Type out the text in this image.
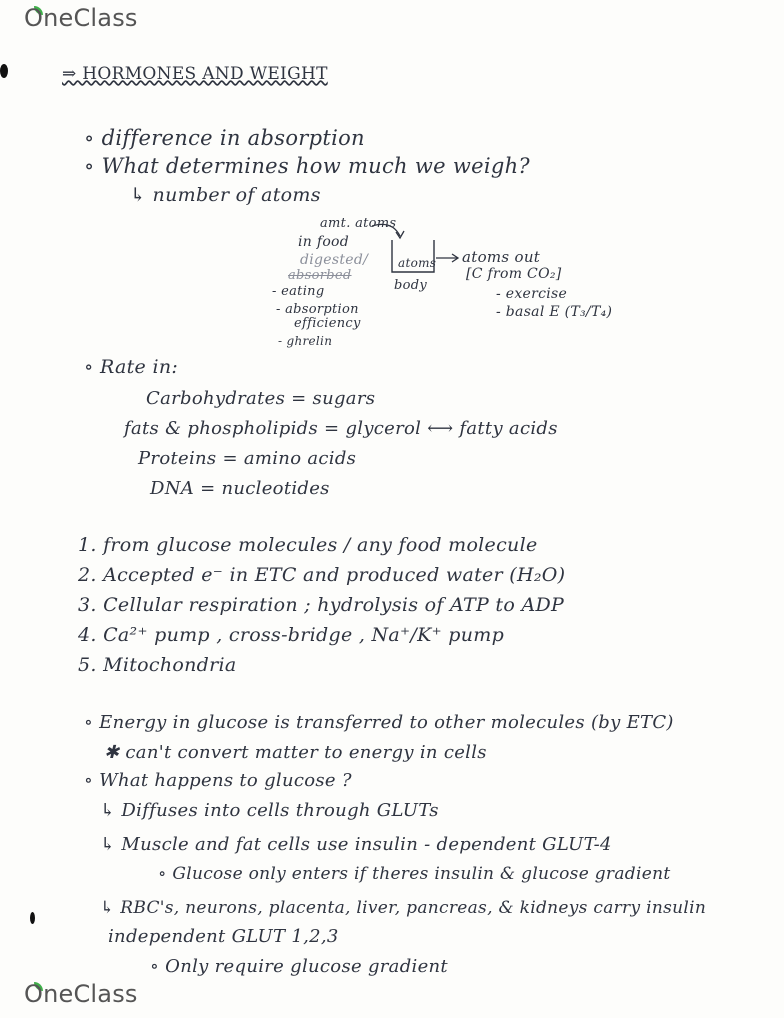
OneClass
OneClass
⇒ HORMONES AND WEIGHT
∘ difference in absorption
∘ What determines how much we weigh?
↳ number of atoms
amt. atoms
in food
digested/
absorbed
- eating
- absorption
efficiency
- ghrelin
atoms
body
atoms out
[C from CO₂]
- exercise
- basal E (T₃/T₄)
∘ Rate in:
Carbohydrates = sugars
fats & phospholipids = glycerol ⟷ fatty acids
Proteins = amino acids
DNA = nucleotides
1. from glucose molecules / any food molecule
2. Accepted e⁻ in ETC and produced water (H₂O)
3. Cellular respiration ; hydrolysis of ATP to ADP
4. Ca²⁺ pump , cross-bridge , Na⁺/K⁺ pump
5. Mitochondria
∘ Energy in glucose is transferred to other molecules (by ETC)
✱ can't convert matter to energy in cells
∘ What happens to glucose ?
↳ Diffuses into cells through GLUTs
↳ Muscle and fat cells use insulin - dependent GLUT-4
∘ Glucose only enters if theres insulin & glucose gradient
↳ RBC's, neurons, placenta, liver, pancreas, & kidneys carry insulin
independent GLUT 1,2,3
∘ Only require glucose gradient
